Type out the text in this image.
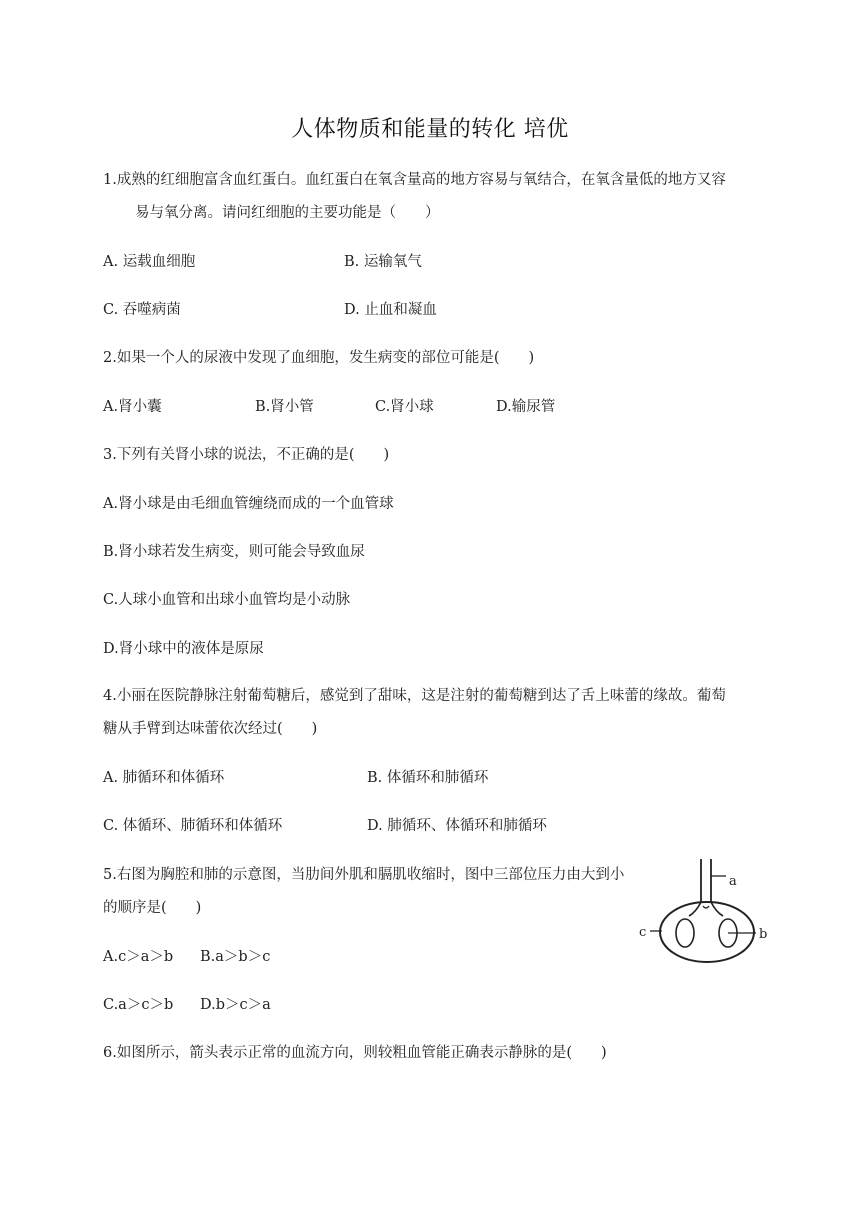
人体物质和能量的转化 培优
1.成熟的红细胞富含血红蛋白。血红蛋白在氧含量高的地方容易与氧结合，在氧含量低的地方又容
易与氧分离。请问红细胞的主要功能是（　　）
A. 运载血细胞	B. 运输氧气
C. 吞噬病菌	D. 止血和凝血
2.如果一个人的尿液中发现了血细胞，发生病变的部位可能是(　　)
A.肾小囊	B.肾小管	C.肾小球	D.输尿管
3.下列有关肾小球的说法，不正确的是(　　)
A.肾小球是由毛细血管缠绕而成的一个血管球
B.肾小球若发生病变，则可能会导致血尿
C.人球小血管和出球小血管均是小动脉
D.肾小球中的液体是原尿
4.小丽在医院静脉注射葡萄糖后，感觉到了甜味，这是注射的葡萄糖到达了舌上味蕾的缘故。葡萄
糖从手臂到达味蕾依次经过(　　)
A. 肺循环和体循环	B. 体循环和肺循环
C. 体循环、肺循环和体循环	D. 肺循环、体循环和肺循环
5.右图为胸腔和肺的示意图，当肋间外肌和膈肌收缩时，图中三部位压力由大到小
的顺序是(　　)
A.c＞a＞b B.a＞b＞c
C.a＞c＞b D.b＞c＞a
a
b
c
6.如图所示，箭头表示正常的血流方向，则较粗血管能正确表示静脉的是(　　)
